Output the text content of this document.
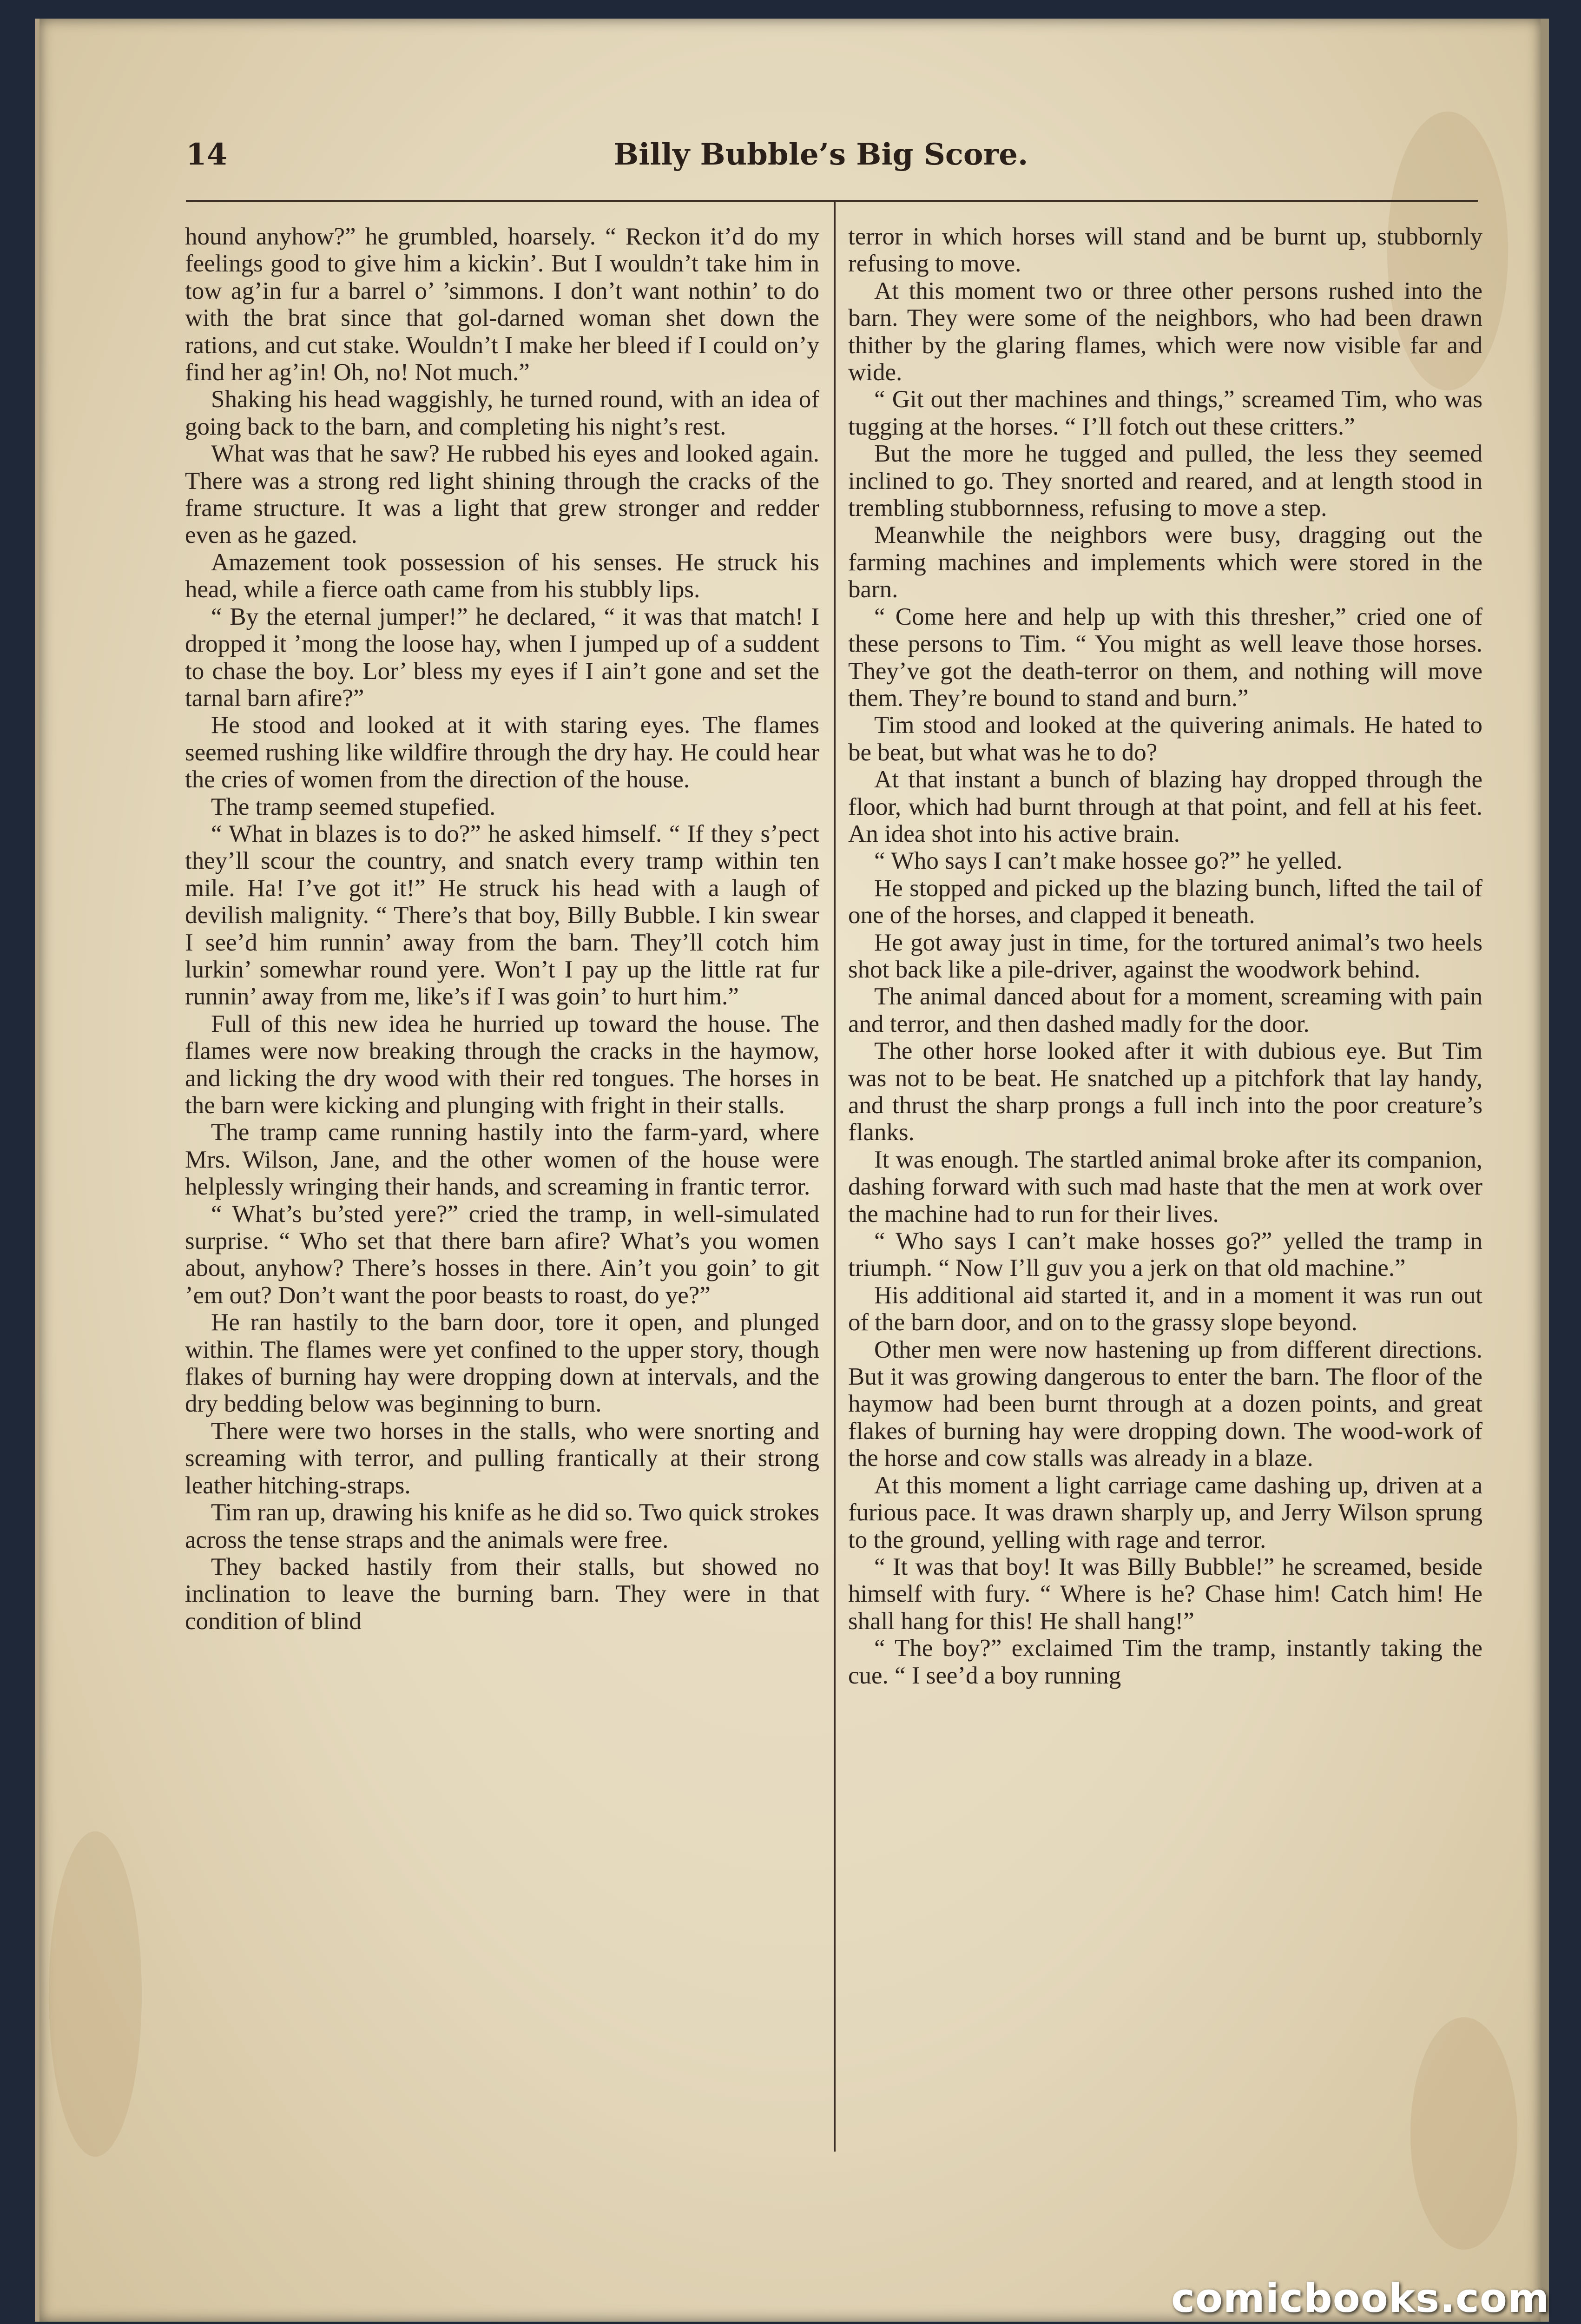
14	Billy Bubble’s Big Score.

hound anyhow?” he grumbled, hoarsely. “ Reckon it’d do my feelings good to give him a kickin’. But I wouldn’t take him in tow ag’in fur a barrel o’ ’simmons. I don’t want nothin’ to do with the brat since that gol-darned woman shet down the rations, and cut stake. Wouldn’t I make her bleed if I could on’y find her ag’in! Oh, no! Not much.”

Shaking his head waggishly, he turned round, with an idea of going back to the barn, and completing his night’s rest.

What was that he saw? He rubbed his eyes and looked again. There was a strong red light shining through the cracks of the frame structure. It was a light that grew stronger and redder even as he gazed.

Amazement took possession of his senses. He struck his head, while a fierce oath came from his stubbly lips.

“ By the eternal jumper!” he declared, “ it was that match! I dropped it ’mong the loose hay, when I jumped up of a suddent to chase the boy. Lor’ bless my eyes if I ain’t gone and set the tarnal barn afire?”

He stood and looked at it with staring eyes. The flames seemed rushing like wildfire through the dry hay. He could hear the cries of women from the direction of the house.

The tramp seemed stupefied.

“ What in blazes is to do?” he asked himself. “ If they s’pect they’ll scour the country, and snatch every tramp within ten mile. Ha! I’ve got it!” He struck his head with a laugh of devilish malignity. “ There’s that boy, Billy Bubble. I kin swear I see’d him runnin’ away from the barn. They’ll cotch him lurkin’ somewhar round yere. Won’t I pay up the little rat fur runnin’ away from me, like’s if I was goin’ to hurt him.”

Full of this new idea he hurried up toward the house. The flames were now breaking through the cracks in the haymow, and licking the dry wood with their red tongues. The horses in the barn were kicking and plunging with fright in their stalls.

The tramp came running hastily into the farm-yard, where Mrs. Wilson, Jane, and the other women of the house were helplessly wringing their hands, and screaming in frantic terror.

“ What’s bu’sted yere?” cried the tramp, in well-simulated surprise. “ Who set that there barn afire? What’s you women about, anyhow? There’s hosses in there. Ain’t you goin’ to git ’em out? Don’t want the poor beasts to roast, do ye?”

He ran hastily to the barn door, tore it open, and plunged within. The flames were yet confined to the upper story, though flakes of burning hay were dropping down at intervals, and the dry bedding below was beginning to burn.

There were two horses in the stalls, who were snorting and screaming with terror, and pulling frantically at their strong leather hitching-straps.

Tim ran up, drawing his knife as he did so. Two quick strokes across the tense straps and the animals were free.

They backed hastily from their stalls, but showed no inclination to leave the burning barn. They were in that condition of blind

terror in which horses will stand and be burnt up, stubbornly refusing to move.

At this moment two or three other persons rushed into the barn. They were some of the neighbors, who had been drawn thither by the glaring flames, which were now visible far and wide.

“ Git out ther machines and things,” screamed Tim, who was tugging at the horses. “ I’ll fotch out these critters.”

But the more he tugged and pulled, the less they seemed inclined to go. They snorted and reared, and at length stood in trembling stubbornness, refusing to move a step.

Meanwhile the neighbors were busy, dragging out the farming machines and implements which were stored in the barn.

“ Come here and help up with this thresher,” cried one of these persons to Tim. “ You might as well leave those horses. They’ve got the death-terror on them, and nothing will move them. They’re bound to stand and burn.”

Tim stood and looked at the quivering animals. He hated to be beat, but what was he to do?

At that instant a bunch of blazing hay dropped through the floor, which had burnt through at that point, and fell at his feet. An idea shot into his active brain.

“ Who says I can’t make hossee go?” he yelled.

He stopped and picked up the blazing bunch, lifted the tail of one of the horses, and clapped it beneath.

He got away just in time, for the tortured animal’s two heels shot back like a pile-driver, against the woodwork behind.

The animal danced about for a moment, screaming with pain and terror, and then dashed madly for the door.

The other horse looked after it with dubious eye. But Tim was not to be beat. He snatched up a pitchfork that lay handy, and thrust the sharp prongs a full inch into the poor creature’s flanks.

It was enough. The startled animal broke after its companion, dashing forward with such mad haste that the men at work over the machine had to run for their lives.

“ Who says I can’t make hosses go?” yelled the tramp in triumph. “ Now I’ll guv you a jerk on that old machine.”

His additional aid started it, and in a moment it was run out of the barn door, and on to the grassy slope beyond.

Other men were now hastening up from different directions. But it was growing dangerous to enter the barn. The floor of the haymow had been burnt through at a dozen points, and great flakes of burning hay were dropping down. The wood-work of the horse and cow stalls was already in a blaze.

At this moment a light carriage came dashing up, driven at a furious pace. It was drawn sharply up, and Jerry Wilson sprung to the ground, yelling with rage and terror.

“ It was that boy! It was Billy Bubble!” he screamed, beside himself with fury. “ Where is he? Chase him! Catch him! He shall hang for this! He shall hang!”

“ The boy?” exclaimed Tim the tramp, instantly taking the cue. “ I see’d a boy running

comicbooks.com
